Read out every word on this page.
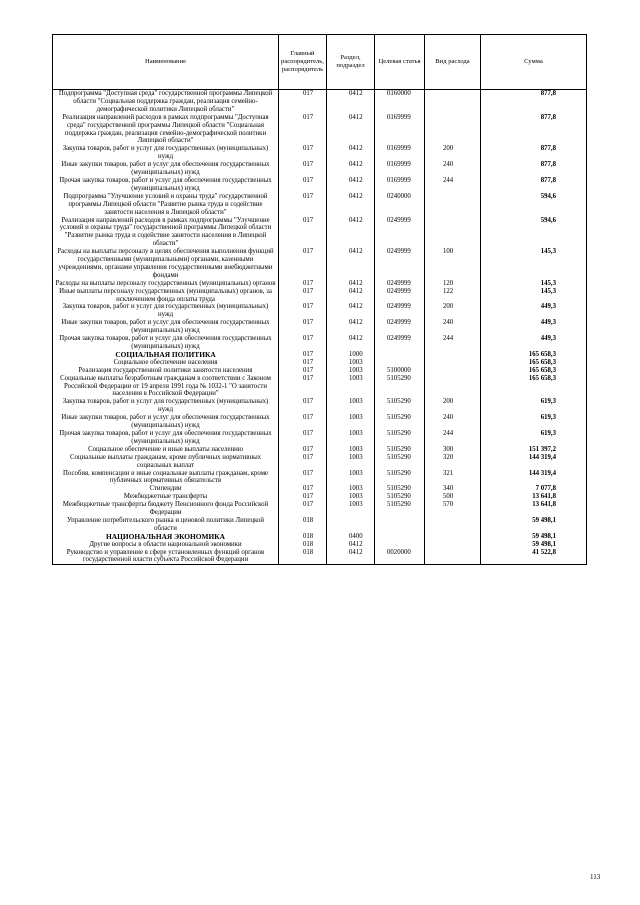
Наименование	Главный распорядитель, распорядитель	Раздел, подраздел	Целевая статья	Вид расхода	Сумма
Подпрограмма "Доступная среда" государственной программы Липецкой области "Социальная поддержка граждан, реализация семейно-демографической политики Липецкой области"	017	0412	0160000		877,8
Реализация направлений расходов в рамках подпрограммы "Доступная среда" государственной программы Липецкой области "Социальная поддержка граждан, реализация семейно-демографической политики Липецкой области"	017	0412	0169999		877,8
Закупка товаров, работ и услуг для государственных (муниципальных) нужд	017	0412	0169999	200	877,8
Иные закупки товаров, работ и услуг для обеспечения государственных (муниципальных) нужд	017	0412	0169999	240	877,8
Прочая закупка товаров, работ и услуг для обеспечения государственных (муниципальных) нужд	017	0412	0169999	244	877,8
Подпрограмма "Улучшение условий и охраны труда" государственной программы Липецкой области "Развитие рынка труда и содействие занятости населения в Липецкой области"	017	0412	0240000		594,6
Реализация направлений расходов в рамках подпрограммы "Улучшение условий и охраны труда" государственной программы Липецкой области "Развитие рынка труда и содействие занятости населения в Липецкой области"	017	0412	0249999		594,6
Расходы на выплаты персоналу в целях обеспечения выполнения функций государственными (муниципальными) органами, казенными учреждениями, органами управления государственными внебюджетными фондами	017	0412	0249999	100	145,3
Расходы на выплаты персоналу государственных (муниципальных) органов	017	0412	0249999	120	145,3
Иные выплаты персоналу государственных (муниципальных) органов, за исключением фонда оплаты труда	017	0412	0249999	122	145,3
Закупка товаров, работ и услуг для государственных (муниципальных) нужд	017	0412	0249999	200	449,3
Иные закупки товаров, работ и услуг для обеспечения государственных (муниципальных) нужд	017	0412	0249999	240	449,3
Прочая закупка товаров, работ и услуг для обеспечения государственных (муниципальных) нужд	017	0412	0249999	244	449,3
СОЦИАЛЬНАЯ ПОЛИТИКА	017	1000			165 658,3
Социальное обеспечение населения	017	1003			165 658,3
Реализация государственной политики занятости населения	017	1003	5100000		165 658,3
Социальные выплаты безработным гражданам в соответствии с Законом Российской Федерации от 19 апреля 1991 года № 1032-1 "О занятости населения в Российской Федерации"	017	1003	5105290		165 658,3
Закупка товаров, работ и услуг для государственных (муниципальных) нужд	017	1003	5105290	200	619,3
Иные закупки товаров, работ и услуг для обеспечения государственных (муниципальных) нужд	017	1003	5105290	240	619,3
Прочая закупка товаров, работ и услуг для обеспечения государственных (муниципальных) нужд	017	1003	5105290	244	619,3
Социальное обеспечение и иные выплаты населению	017	1003	5105290	300	151 397,2
Социальные выплаты гражданам, кроме публичных нормативных социальных выплат	017	1003	5105290	320	144 319,4
Пособия, компенсации и иные социальные выплаты гражданам, кроме публичных нормативных обязательств	017	1003	5105290	321	144 319,4
Стипендии	017	1003	5105290	340	7 077,8
Межбюджетные трансферты	017	1003	5105290	500	13 641,8
Межбюджетные трансферты бюджету Пенсионного фонда Российской Федерации	017	1003	5105290	570	13 641,8
Управление потребительского рынка и ценовой политики Липецкой области	018				59 498,1
НАЦИОНАЛЬНАЯ ЭКОНОМИКА	018	0400			59 498,1
Другие вопросы в области национальной экономики	018	0412			59 498,1
Руководство и управление в сфере установленных функций органов государственной власти субъекта Российской Федерации	018	0412	0020000		41 522,8
113
